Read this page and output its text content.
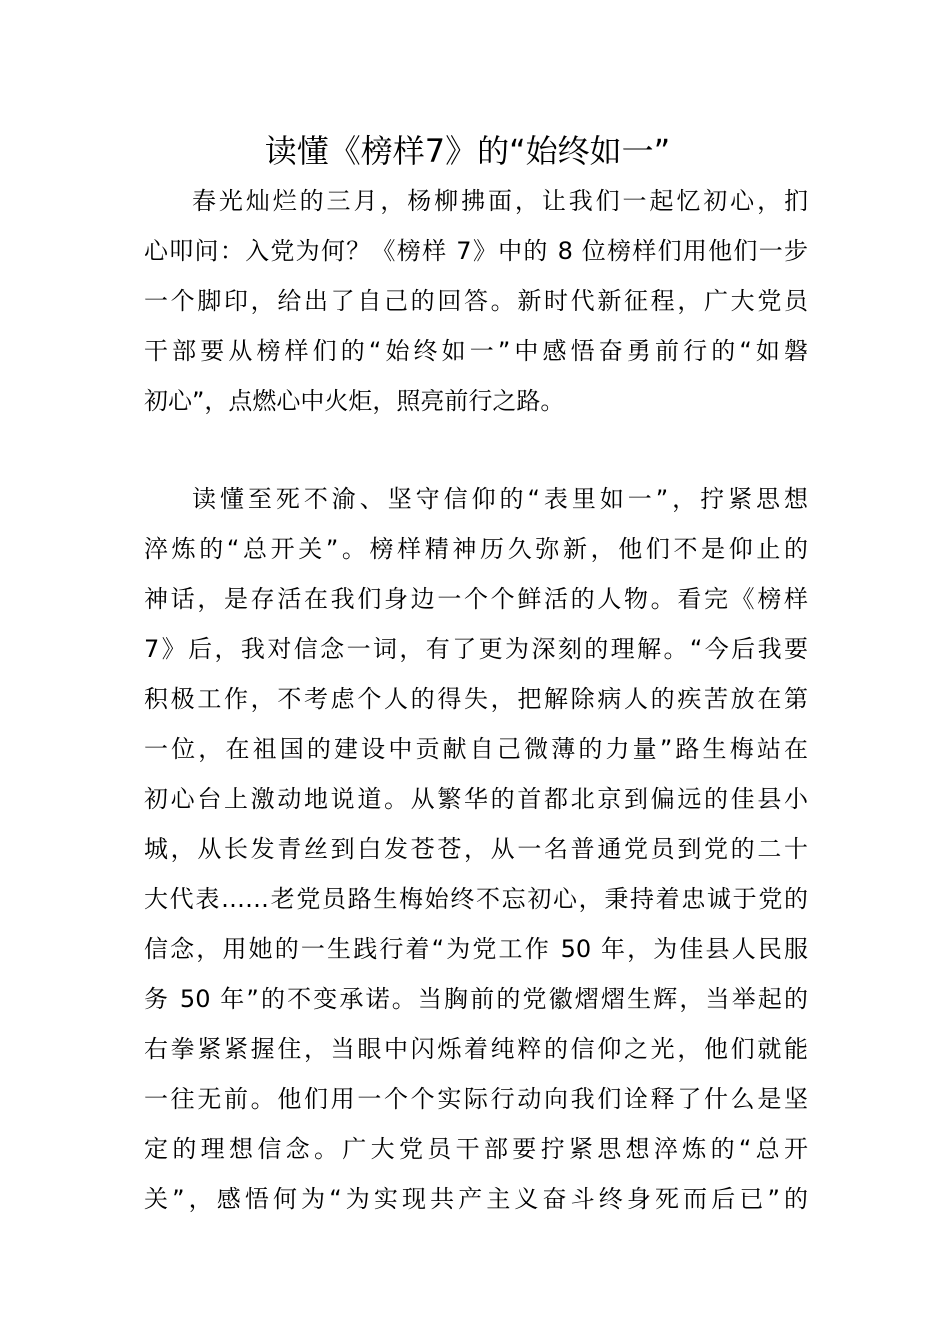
读懂《榜样7》的“始终如一”
春光灿烂的三月，杨柳拂面，让我们一起忆初心，扪
心叩问：入党为何？《榜样 7》中的 8 位榜样们用他们一步
一个脚印，给出了自己的回答。新时代新征程，广大党员
干部要从榜样们的“始终如一”中感悟奋勇前行的“如磐
初心”，点燃心中火炬，照亮前行之路。
读懂至死不渝、坚守信仰的“表里如一”，拧紧思想
淬炼的“总开关”。榜样精神历久弥新，他们不是仰止的
神话，是存活在我们身边一个个鲜活的人物。看完《榜样
7》后，我对信念一词，有了更为深刻的理解。“今后我要
积极工作，不考虑个人的得失，把解除病人的疾苦放在第
一位，在祖国的建设中贡献自己微薄的力量”路生梅站在
初心台上激动地说道。从繁华的首都北京到偏远的佳县小
城，从长发青丝到白发苍苍，从一名普通党员到党的二十
大代表……老党员路生梅始终不忘初心，秉持着忠诚于党的
信念，用她的一生践行着“为党工作 50 年，为佳县人民服
务 50 年”的不变承诺。当胸前的党徽熠熠生辉，当举起的
右拳紧紧握住，当眼中闪烁着纯粹的信仰之光，他们就能
一往无前。他们用一个个实际行动向我们诠释了什么是坚
定的理想信念。广大党员干部要拧紧思想淬炼的“总开
关”，感悟何为“为实现共产主义奋斗终身死而后已”的
